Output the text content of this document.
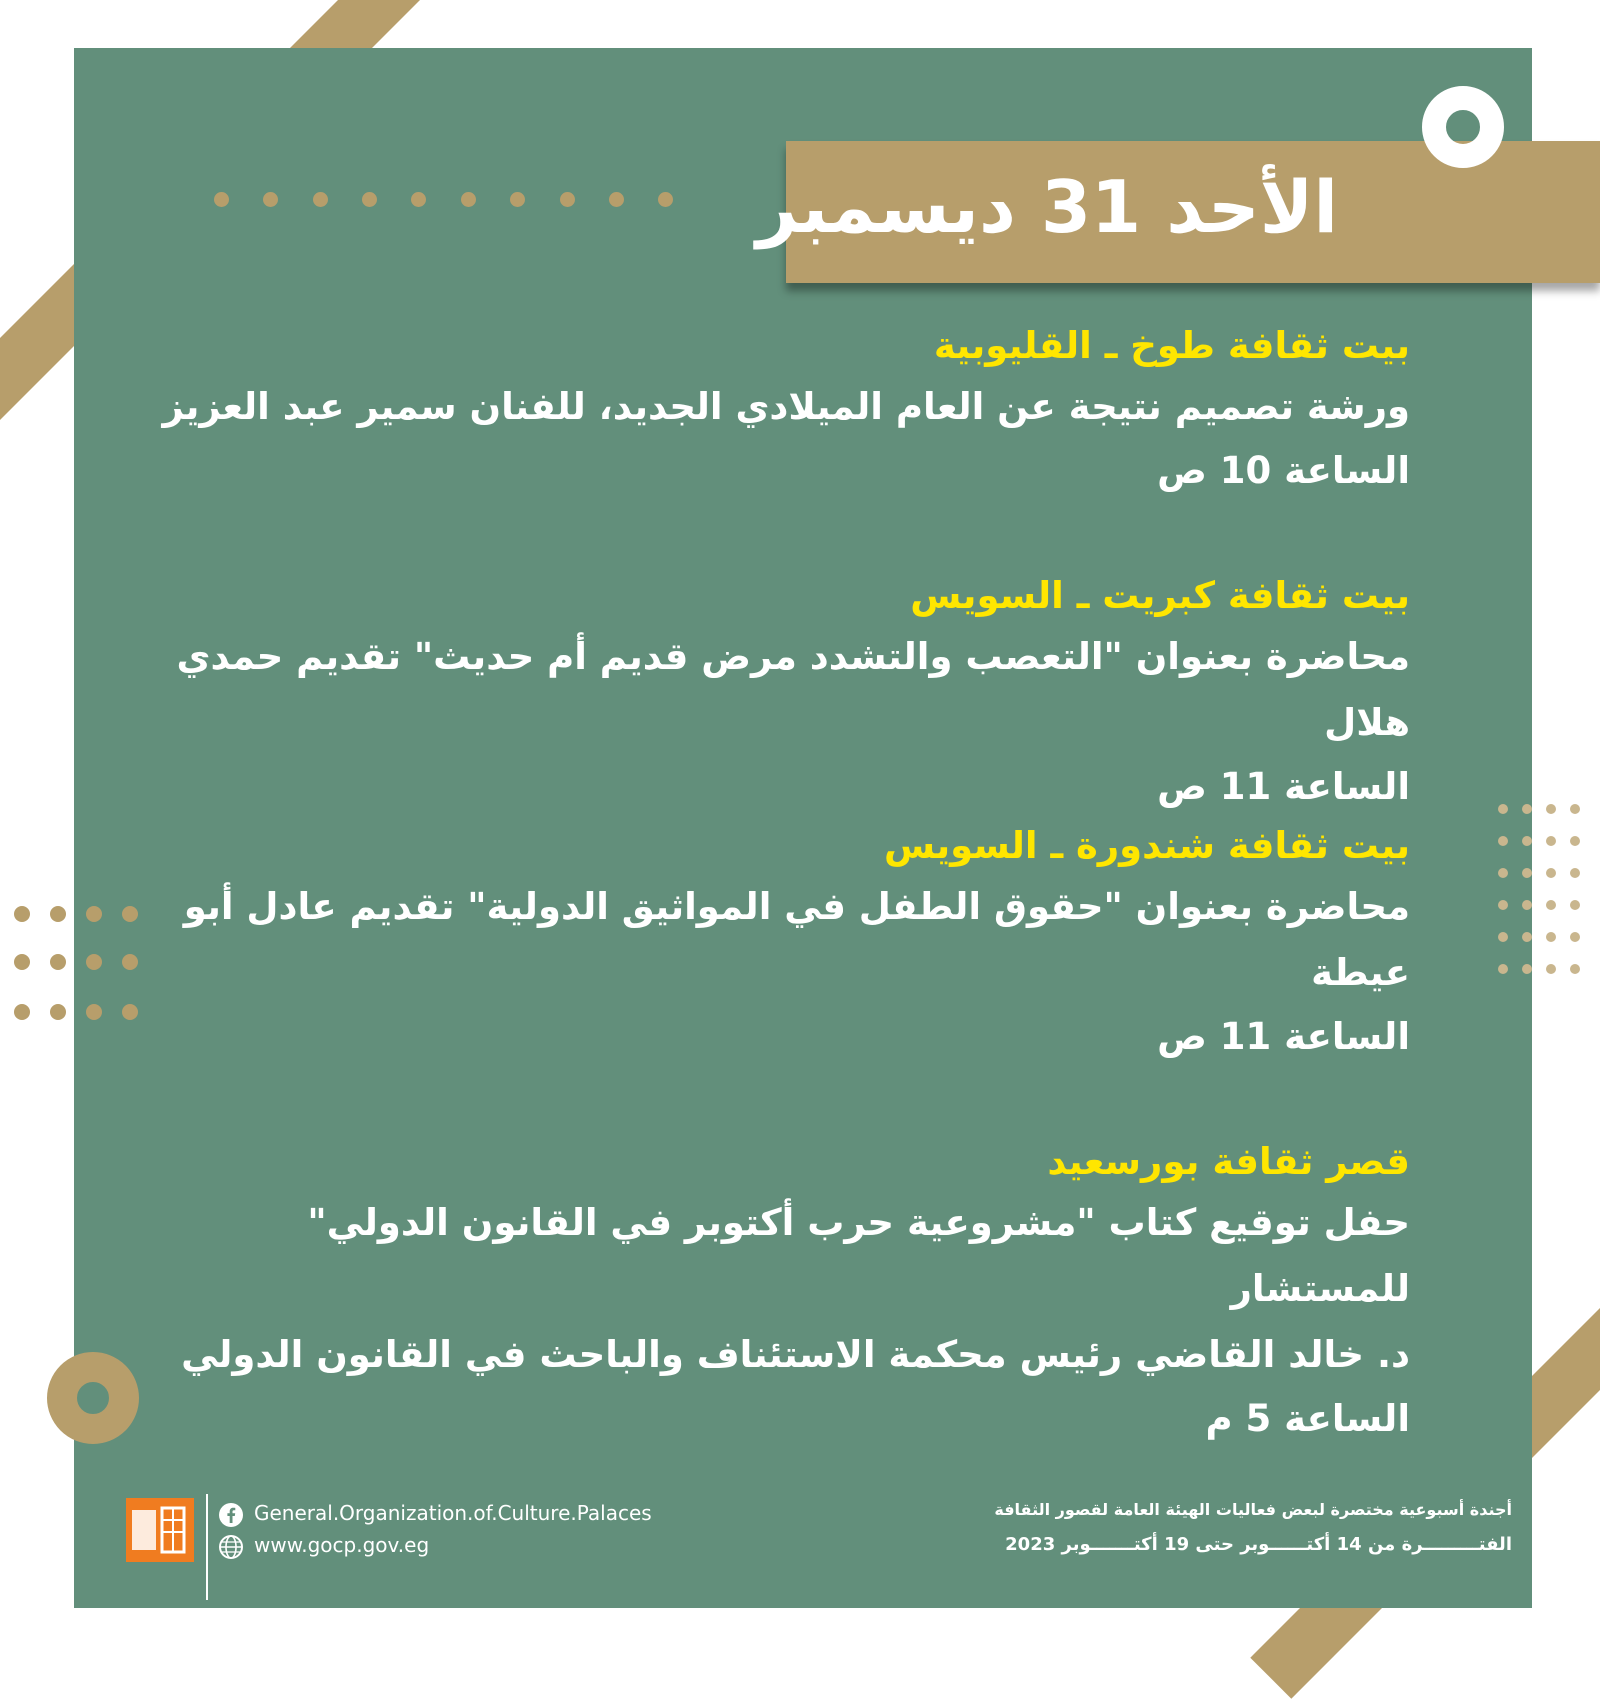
الأحد 31 ديسمبر
بيت ثقافة طوخ ـ القليوبية
ورشة تصميم نتيجة عن العام الميلادي الجديد، للفنان سمير عبد العزيز
الساعة 10 ص
بيت ثقافة كبريت ـ السويس
محاضرة بعنوان "التعصب والتشدد مرض قديم أم حديث" تقديم حمدي
هلال
الساعة 11 ص
بيت ثقافة شندورة ـ السويس
محاضرة بعنوان "حقوق الطفل في المواثيق الدولية" تقديم عادل أبو
عيطة
الساعة 11 ص
قصر ثقافة بورسعيد
حفل توقيع كتاب "مشروعية حرب أكتوبر في القانون الدولي" للمستشار
د. خالد القاضي رئيس محكمة الاستئناف والباحث في القانون الدولي
الساعة 5 م
General.Organization.of.Culture.Palaces
www.gocp.gov.eg
أجندة أسبوعية مختصرة لبعض فعاليات الهيئة العامة لقصور الثقافة
الفتـــــــــرة من 14 أكتــــــوبر حتى 19 أكتـــــــوبر 2023
